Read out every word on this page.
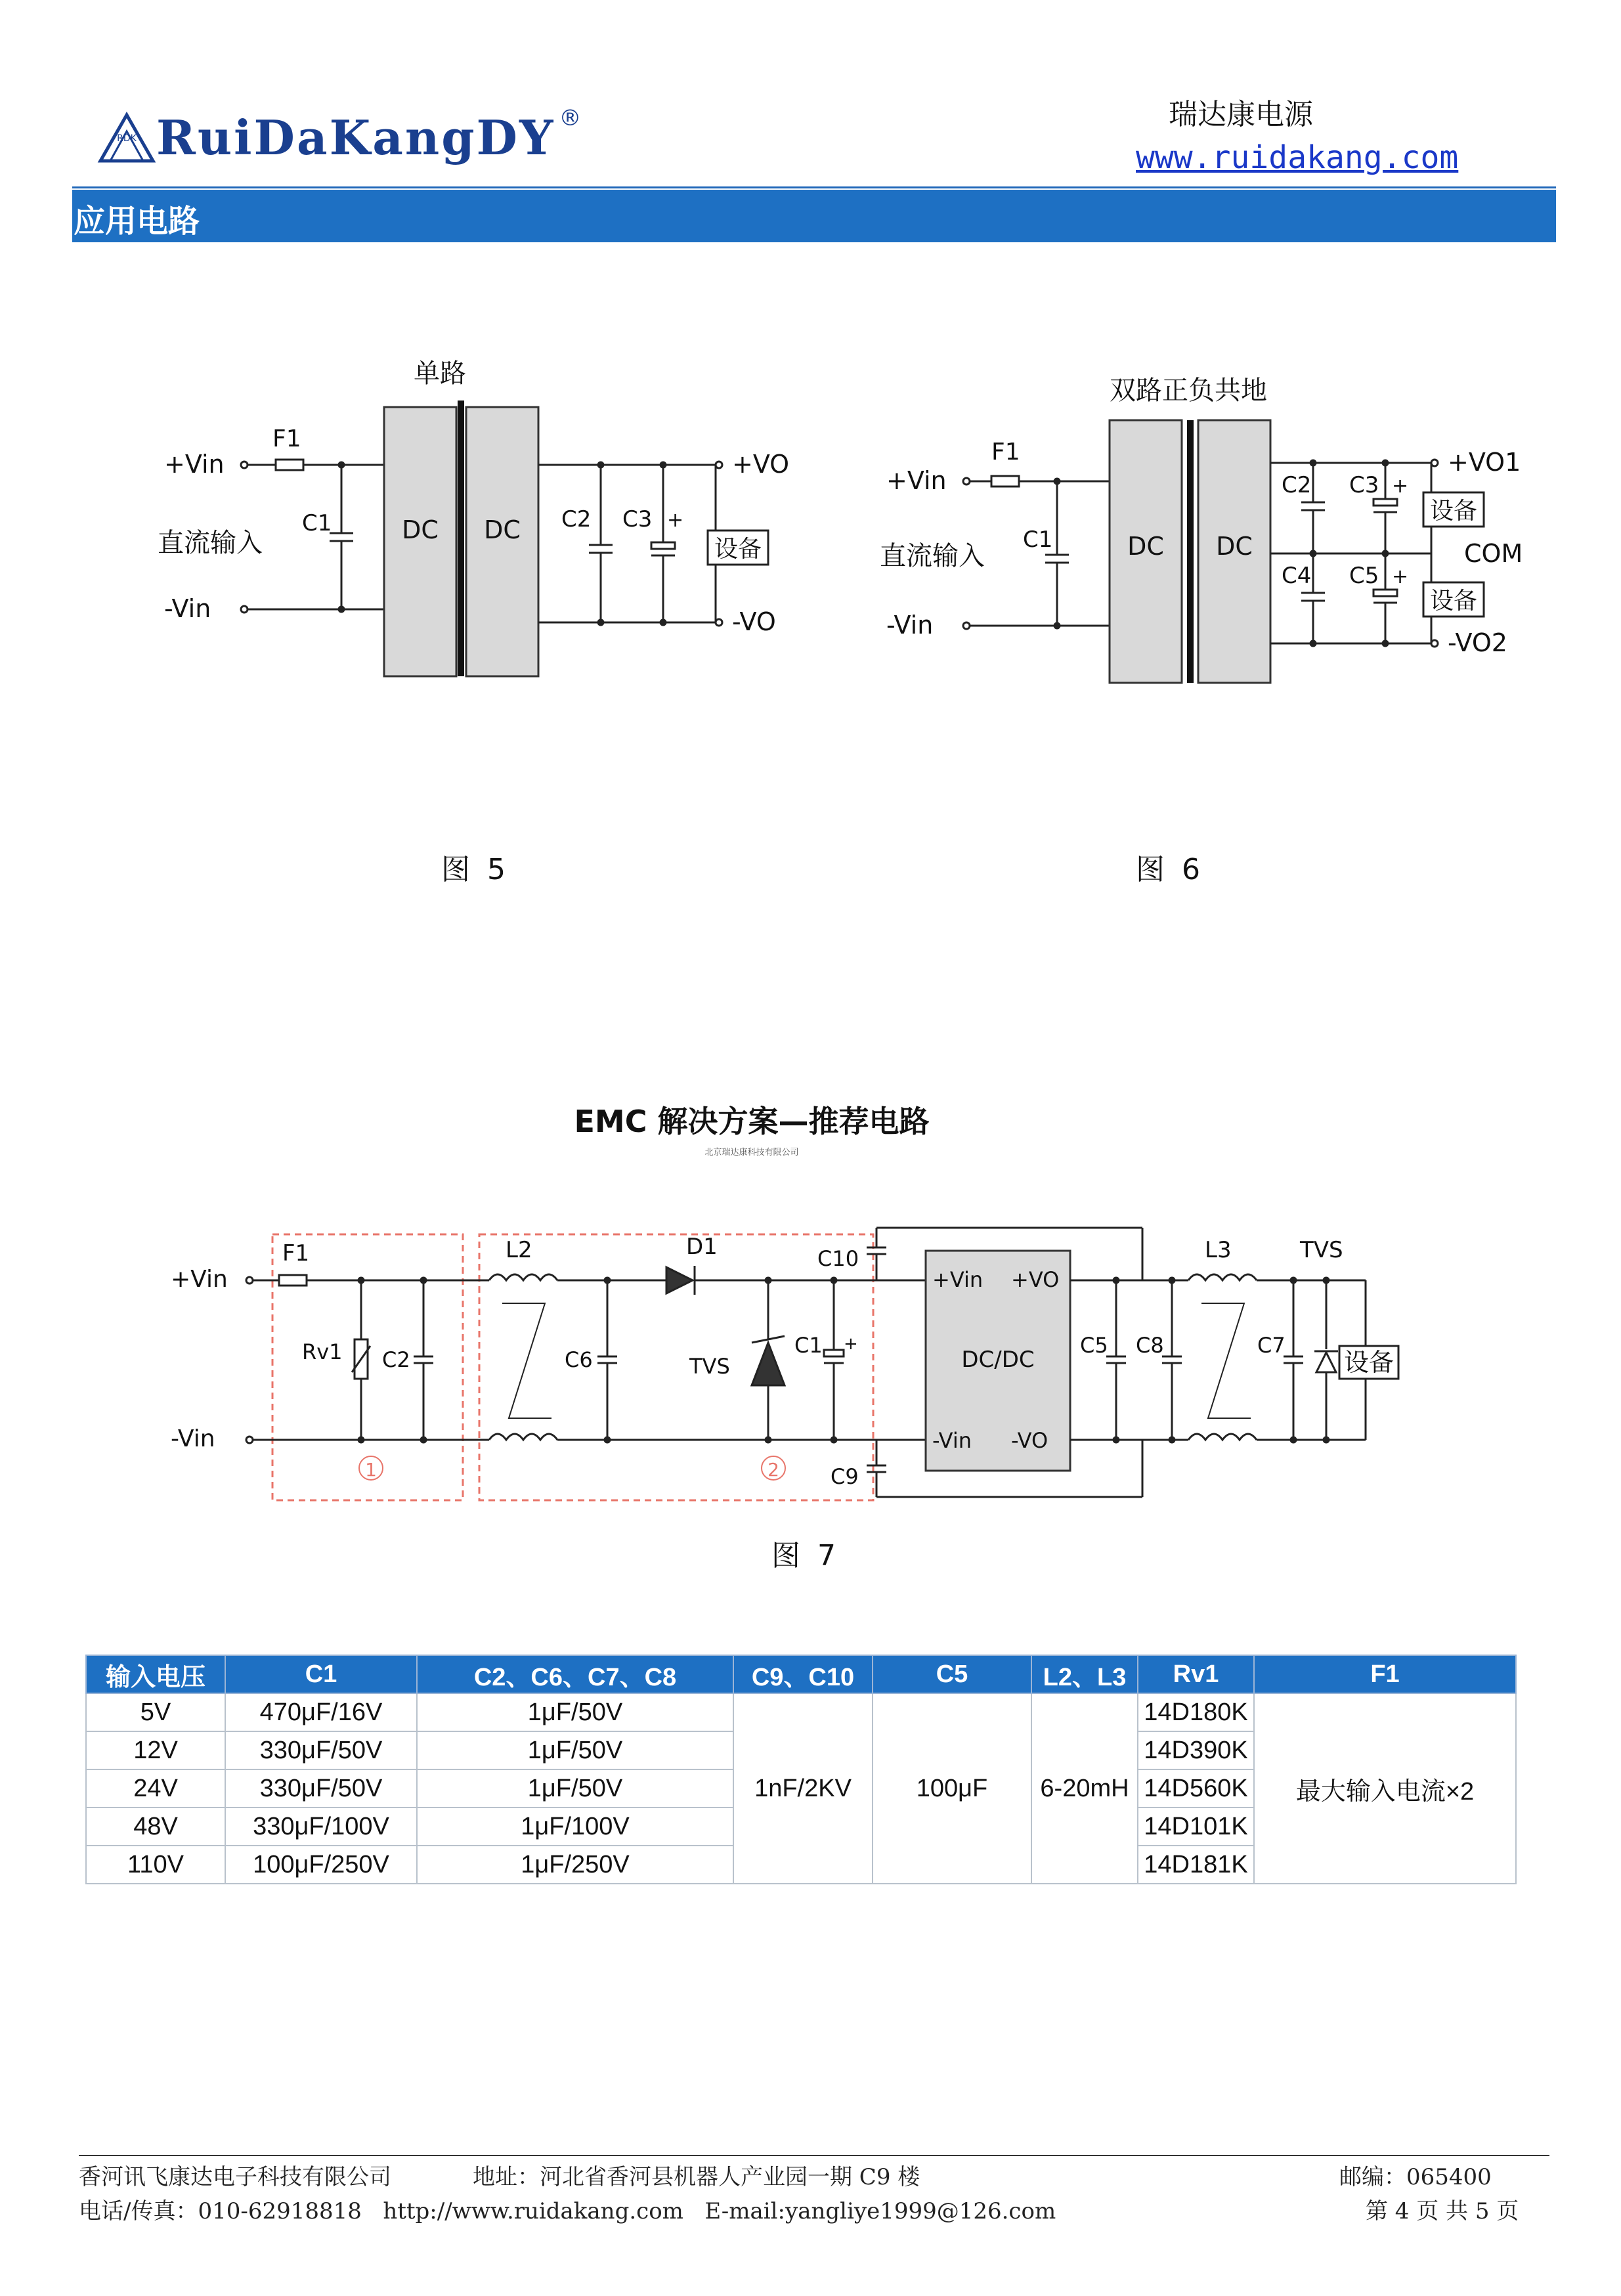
RDK RuiDaKangDY ®	瑞达康电源
www.ruidakang.com
应用电路
单路
+Vin
-Vin
直流输入
F1
C1	DC DC C2 C3 +
设备
+VO
-VO
图 5
双路正负共地
+Vin
-Vin
直流输入
F1
C1	DC DC
C2 C3 +
C4 C5 +
设备
设备
+VO1
COM
-VO2
图 6
EMC 解决方案—推荐电路
北京瑞达康科技有限公司
+Vin
-Vin
F1
Rv1 C2
1
L2
C6
D1
TVS
C1 +
2
C10
C9
+Vin +VO
DC/DC
-Vin -VO
C5 C8
L3
C7
TVS
设备
图 7
输入电压	C1	C2、C6、C7、C8	C9、C10	C5	L2、L3	Rv1	F1
5V	470μF/16V	1μF/50V	1nF/2KV	100μF	6-20mH	14D180K	最大输入电流×2
12V	330μF/50V	1μF/50V				14D390K	
24V	330μF/50V	1μF/50V				14D560K	
48V	330μF/100V	1μF/100V				14D101K	
110V	100μF/250V	1μF/250V				14D181K	
香河讯飞康达电子科技有限公司	地址：河北省香河县机器人产业园一期 C9 楼	邮编：065400
电话/传真：010-62918818   http://www.ruidakang.com   E-mail:yangliye1999@126.com	第 4 页 共 5 页
